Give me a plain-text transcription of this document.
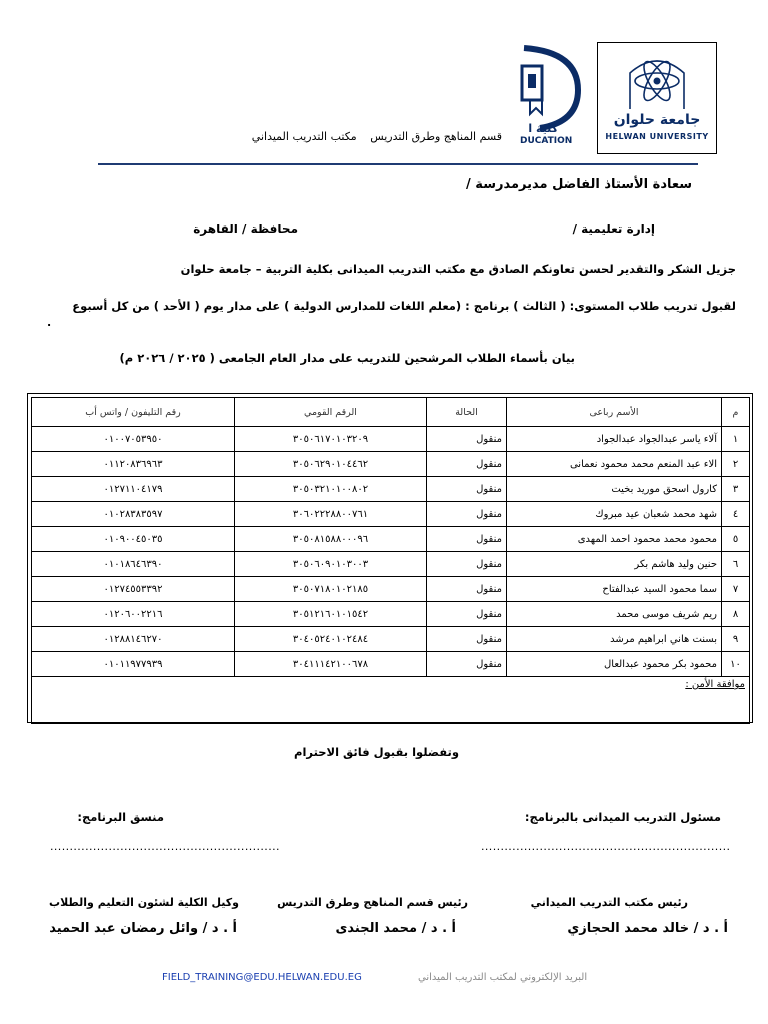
جامعة حلوان
HELWAN UNIVERSITY
كلية ا
DUCATION
قسم المناهج وطرق التدريس مكتب التدريب الميداني
سعادة الأستاذ الفاضل مديرمدرسة /
إدارة تعليمية /
محافظة / القاهرة
جزيل الشكر والتقدير لحسن تعاونكم الصادق مع مكتب التدريب الميدانى بكلية التربية – جامعة حلوان
لقبول تدريب طلاب المستوى: ( الثالث ) برنامج : (معلم اللغات للمدارس الدولية ) على مدار يوم ( الأحد ) من كل أسبوع
.
بيان بأسماء الطلاب المرشحين للتدريب على مدار العام الجامعى ( ٢٠٢٥ / ٢٠٢٦ م)
م	الأسم رباعى	الحالة	الرقم القومي	رقم التليفون / واتس أب
١	آلاء ياسر عبدالجواد عبدالجواد	منقول	٣٠٥٠٦١٧٠١٠٣٢٠٩	٠١٠٠٧٠٥٣٩٥٠
٢	الاء عبد المنعم محمد محمود نعمانى	منقول	٣٠٥٠٦٢٩٠١٠٤٤٦٢	٠١١٢٠٨٣٦٩٦٣
٣	كارول اسحق موريد بخيت	منقول	٣٠٥٠٣٢١٠١٠٠٨٠٢	٠١٢٧١١٠٤١٧٩
٤	شهد محمد شعبان عيد مبروك	منقول	٣٠٦٠٢٢٢٨٨٠٠٧٦١	٠١٠٢٨٣٨٣٥٩٧
٥	محمود محمد محمود احمد المهدى	منقول	٣٠٥٠٨١٥٨٨٠٠٠٩٦	٠١٠٩٠٠٤٥٠٣٥
٦	حنين وليد هاشم بكر	منقول	٣٠٥٠٦٠٩٠١٠٣٠٠٣	٠١٠١٨٦٤٦٣٩٠
٧	سما محمود السيد عبدالفتاح	منقول	٣٠٥٠٧١٨٠١٠٢١٨٥	٠١٢٧٤٥٥٣٣٩٢
٨	ريم شريف موسى محمد	منقول	٣٠٥١٢١٦٠١٠١٥٤٢	٠١٢٠٦٠٠٢٢١٦
٩	بسنت هاني ابراهيم مرشد	منقول	٣٠٤٠٥٢٤٠١٠٢٤٨٤	٠١٢٨٨١٤٦٢٧٠
١٠	محمود بكر محمود عبدالعال	منقول	٣٠٤١١١٤٢١٠٠٦٧٨	٠١٠١١٩٧٧٩٣٩
موافقة الأمن :				
وتفضلوا بقبول فائق الاحترام
مسئول التدريب الميدانى بالبرنامج:
منسق البرنامج:
................................................................
...........................................................
رئيس مكتب التدريب الميداني
أ . د / خالد محمد الحجازي
رئيس قسم المناهج وطرق التدريس
أ . د / محمد الجندى
وكيل الكلية لشئون التعليم والطلاب
أ . د / وائل رمضان عبد الحميد
FIELD_TRAINING@EDU.HELWAN.EDU.EG	البريد الإلكتروني لمكتب التدريب الميداني
